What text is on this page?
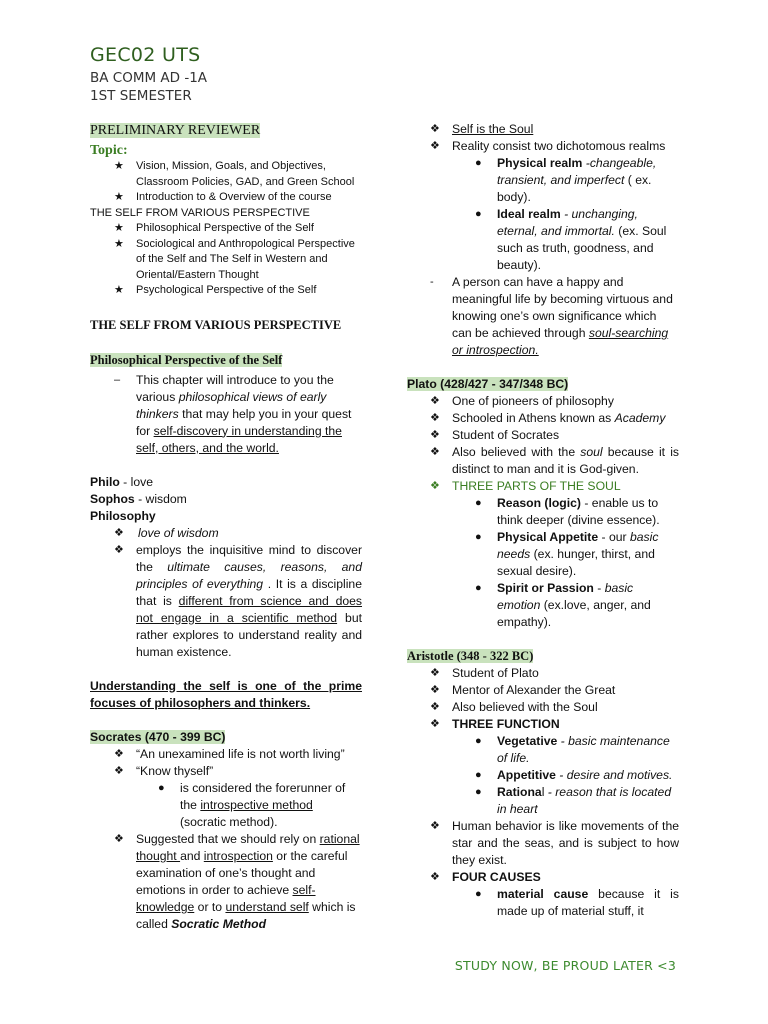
GEC02 UTS
BA COMM AD -1A
1ST SEMESTER
PRELIMINARY REVIEWER
Topic:
★ Vision, Mission, Goals, and Objectives, Classroom Policies, GAD, and Green School
★ Introduction to & Overview of the course
THE SELF FROM VARIOUS PERSPECTIVE
★ Philosophical Perspective of the Self
★ Sociological and Anthropological Perspective of the Self and The Self in Western and Oriental/Eastern Thought
★ Psychological Perspective of the Self
THE SELF FROM VARIOUS PERSPECTIVE
Philosophical Perspective of the Self
– This chapter will introduce to you the various philosophical views of early thinkers that may help you in your quest for self-discovery in understanding the self, others, and the world.
Philo - love
Sophos - wisdom
Philosophy
❖ love of wisdom
❖ employs the inquisitive mind to discover the ultimate causes, reasons, and principles of everything . It is a discipline that is different from science and does not engage in a scientific method but rather explores to understand reality and human existence.
Understanding the self is one of the prime focuses of philosophers and thinkers.
Socrates (470 - 399 BC)
❖ “An unexamined life is not worth living”
❖ “Know thyself”
● is considered the forerunner of the introspective method (socratic method).
❖ Suggested that we should rely on rational thought and introspection or the careful examination of one’s thought and emotions in order to achieve self-knowledge or to understand self which is called Socratic Method
❖ Self is the Soul
❖ Reality consist two dichotomous realms
● Physical realm -changeable, transient, and imperfect ( ex. body).
● Ideal realm - unchanging, eternal, and immortal. (ex. Soul such as truth, goodness, and beauty).
- A person can have a happy and meaningful life by becoming virtuous and knowing one’s own significance which can be achieved through soul-searching or introspection.
Plato (428/427 - 347/348 BC)
❖ One of pioneers of philosophy
❖ Schooled in Athens known as Academy
❖ Student of Socrates
❖ Also believed with the soul because it is distinct to man and it is God-given.
❖ THREE PARTS OF THE SOUL
● Reason (logic) - enable us to think deeper (divine essence).
● Physical Appetite - our basic needs (ex. hunger, thirst, and sexual desire).
● Spirit or Passion - basic emotion (ex.love, anger, and empathy).
Aristotle (348 - 322 BC)
❖ Student of Plato
❖ Mentor of Alexander the Great
❖ Also believed with the Soul
❖ THREE FUNCTION
● Vegetative - basic maintenance of life.
● Appetitive - desire and motives.
● Rational - reason that is located in heart
❖ Human behavior is like movements of the star and the seas, and is subject to how they exist.
❖ FOUR CAUSES
● material cause because it is made up of material stuff, it
STUDY NOW, BE PROUD LATER <3
